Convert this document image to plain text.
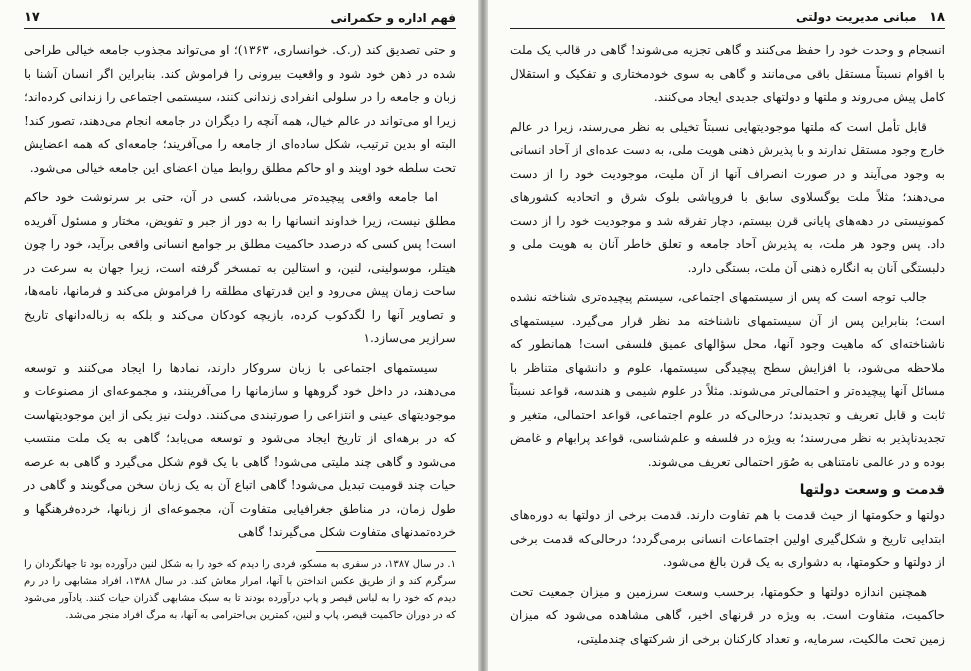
فهم اداره و حکمرانی
۱۷

و حتی تصدیق کند (ر.ک. خوانساری، ۱۳۶۳)؛ او می‌تواند مجذوب جامعه خیالی طراحی شده در ذهن خود شود و واقعیت بیرونی را فراموش کند. بنابراین اگر انسان آشنا با زبان و جامعه را در سلولی انفرادی زندانی کنند، سیستمی اجتماعی را زندانی کرده‌اند؛ زیرا او می‌تواند در عالم خیال، همه آنچه را دیگران در جامعه انجام می‌دهند، تصور کند! البته او بدین ترتیب، شکل ساده‌ای از جامعه را می‌آفریند؛ جامعه‌ای که همه اعضایش تحت سلطه خود اویند و او حاکم مطلق روابط میان اعضای این جامعه خیالی می‌شود.

اما جامعه واقعی پیچیده‌تر می‌باشد، کسی در آن، حتی بر سرنوشت خود حاکم مطلق نیست، زیرا خداوند انسانها را به دور از جبر و تفویض، مختار و مسئول آفریده است! پس کسی که درصدد حاکمیت مطلق بر جوامع انسانی واقعی برآید، خود را چون هیتلر، موسولینی، لنین، و استالین به تمسخر گرفته است، زیرا جهان به سرعت در ساحت زمان پیش می‌رود و این قدرتهای مطلقه را فراموش می‌کند و فرمانها، نامه‌ها، و تصاویر آنها را لگدکوب کرده، بازیچه کودکان می‌کند و بلکه به زباله‌دانهای تاریخ سرازیر می‌سازد.۱

سیستمهای اجتماعی با زبان سروکار دارند، نمادها را ایجاد می‌کنند و توسعه می‌دهند، در داخل خود گروهها و سازمانها را می‌آفرینند، و مجموعه‌ای از مصنوعات و موجودیتهای عینی و انتزاعی را صورتبندی می‌کنند. دولت نیز یکی از این موجودیتهاست که در برهه‌ای از تاریخ ایجاد می‌شود و توسعه می‌یابد؛ گاهی به یک ملت منتسب می‌شود و گاهی چند ملیتی می‌شود! گاهی با یک قوم شکل می‌گیرد و گاهی به عرصه حیات چند قومیت تبدیل می‌شود! گاهی اتباع آن به یک زبان سخن می‌گویند و گاهی در طول زمان، در مناطق جغرافیایی متفاوت آن، مجموعه‌ای از زبانها، خرده‌فرهنگها و خرده‌تمدنهای متفاوت شکل می‌گیرند! گاهی

۱. در سال ۱۳۸۷، در سفری به مسکو، فردی را دیدم که خود را به شکل لنین درآورده بود تا جهانگردان را سرگرم کند و از طریق عکس انداختن با آنها، امرار معاش کند. در سال ۱۳۸۸، افراد مشابهی را در رم دیدم که خود را به لباس قیصر و پاپ درآورده بودند تا به سبک مشابهی گذران حیات کنند. یادآور می‌شود که در دوران حاکمیت قیصر، پاپ و لنین، کمترین بی‌احترامی به آنها، به مرگ افراد منجر می‌شد.

۱۸   مبانی مدیریت دولتی

انسجام و وحدت خود را حفظ می‌کنند و گاهی تجزیه می‌شوند! گاهی در قالب یک ملت با اقوام نسبتاً مستقل باقی می‌مانند و گاهی به سوی خودمختاری و تفکیک و استقلال کامل پیش می‌روند و ملتها و دولتهای جدیدی ایجاد می‌کنند.

قابل تأمل است که ملتها موجودیتهایی نسبتاً تخیلی به نظر می‌رسند، زیرا در عالم خارج وجود مستقل ندارند و با پذیرش ذهنی هویت ملی، به دست عده‌ای از آحاد انسانی به وجود می‌آیند و در صورت انصراف آنها از آن ملیت، موجودیت خود را از دست می‌دهند؛ مثلاً ملت یوگسلاوی سابق با فروپاشی بلوک شرق و اتحادیه کشورهای کمونیستی در دهه‌های پایانی قرن بیستم، دچار تفرقه شد و موجودیت خود را از دست داد. پس وجود هر ملت، به پذیرش آحاد جامعه و تعلق خاطر آنان به هویت ملی و دلبستگی آنان به انگاره ذهنی آن ملت، بستگی دارد.

جالب توجه است که پس از سیستمهای اجتماعی، سیستم پیچیده‌تری شناخته نشده است؛ بنابراین پس از آن سیستمهای ناشناخته مد نظر قرار می‌گیرد. سیستمهای ناشناخته‌ای که ماهیت وجود آنها، محل سؤالهای عمیق فلسفی است! همانطور که ملاحظه می‌شود، با افزایش سطح پیچیدگی سیستمها، علوم و دانشهای متناظر با مسائل آنها پیچیده‌تر و احتمالی‌تر می‌شوند. مثلاً در علوم شیمی و هندسه، قواعد نسبتاً ثابت و قابل تعریف و تجدیدند؛ درحالی‌که در علوم اجتماعی، قواعد احتمالی، متغیر و تجدیدناپذیر به نظر می‌رسند؛ به ویژه در فلسفه و علم‌شناسی، قواعد پرابهام و غامض بوده و در عالمی نامتناهی به صُوَر احتمالی تعریف می‌شوند.

قدمت و وسعت دولتها

دولتها و حکومتها از حیث قدمت با هم تفاوت دارند. قدمت برخی از دولتها به دوره‌های ابتدایی تاریخ و شکل‌گیری اولین اجتماعات انسانی برمی‌گردد؛ درحالی‌که قدمت برخی از دولتها و حکومتها، به دشواری به یک قرن بالغ می‌شود.

همچنین اندازه دولتها و حکومتها، برحسب وسعت سرزمین و میزان جمعیت تحت حاکمیت، متفاوت است. به ویژه در قرنهای اخیر، گاهی مشاهده می‌شود که میزان زمین تحت مالکیت، سرمایه، و تعداد کارکنان برخی از شرکتهای چندملیتی،
